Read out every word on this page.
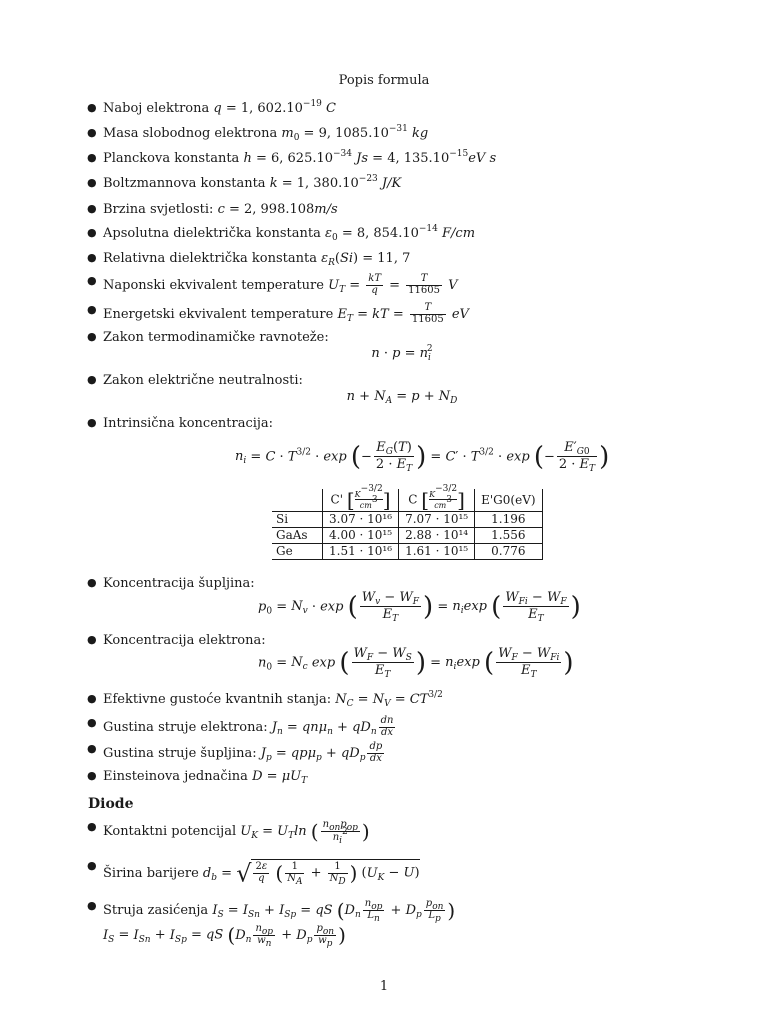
Popis formula
● Naboj elektrona q = 1, $602.10^{-19}$ C
● Masa slobodnog elektrona $m_0 = 9$, $1085.10^{-31}$ kg
● Planckova konstanta h = 6, $625.10^{-34}$ Js = 4, $135.10^{-15}eV$ s
● Boltzmannova konstanta k = 1, $380.10^{-23}$ J/K
● Brzina svjetlosti: c = 2, 998.108m/s
● Apsolutna dielektrička konstanta $\varepsilon_0 = 8$, $854.10^{-14}$ F/cm
● Relativna dielektrička konstanta $\varepsilon_R(Si) = 11$, 7
● Naponski ekvivalent temperature $U_T = \frac{kT}{q} = \frac{T}{11605}$ V
● Energetski ekvivalent temperature $E_T$ = kT = $\frac{T}{11605}$ eV
● Zakon termodinamičke ravnoteže:
$n \cdot p = n_i^2$
● Zakon električne neutralnosti:
$n + N_A = p + N_D$
● Intrinsična koncentracija:
$n_i = C \cdot T^{3/2} \cdot \exp$ (− $\frac{E_G(T)}{2 \cdot E_T}$ ) = $C' \cdot T^{3/2} \cdot \exp$ (− $\frac{E'_{G0}}{2 \cdot E_T}$ )
	C' [ $\frac{K^{-3/2}}{cm^3}$ ]	C [ $\frac{K^{-3/2}}{cm^3}$ ]	E'G0(eV)
Si	3.07 · 10¹⁶	7.07 · 10¹⁵	1.196
GaAs	4.00 · 10¹⁵	2.88 · 10¹⁴	1.556
Ge	1.51 · 10¹⁶	1.61 · 10¹⁵	0.776
● Koncentracija šupljina:
$p_0 = N_v \cdot \exp$ ( $\frac{W_v - W_F}{E_T}$ ) = $n_i\exp$ ( $\frac{W_{Fi} - W_F}{E_T}$ )
● Koncentracija elektrona:
$n_0 = N_c$ exp ( $\frac{W_F - W_S}{E_T}$ ) = $n_i\exp$ ( $\frac{W_F - W_{Fi}}{E_T}$ )
● Efektivne gustoće kvantnih stanja: $N_C = N_V = CT^{3/2}$
● Gustina struje elektrona: $J_n = qn\mu_n + qD_n \frac{dn}{dx}$
● Gustina struje šupljina: $J_p = qp\mu_p + qD_p \frac{dp}{dx}$
● Einsteinova jednačina $D = \mu U_T$
Diode
● Kontaktni potencijal $U_K = U_T\ln$ ( $\frac{n_{on}p_{op}}{n_i^2}$ )
● Širina barijere $d_b$ = √ $\frac{2\varepsilon}{q}$ ( $\frac{1}{N_A} + \frac{1}{N_D}$ ) $(U_K - U)$
● Struja zasićenja $I_S = I_{Sn} + I_{Sp}$ = qS ($D_n \frac{n_{op}}{L_n} + D_p \frac{p_{on}}{L_p}$ )
$I_S = I_{Sn} + I_{Sp}$ = qS ($D_n \frac{n_{op}}{w_n} + D_p \frac{p_{on}}{w_p}$ )
1
